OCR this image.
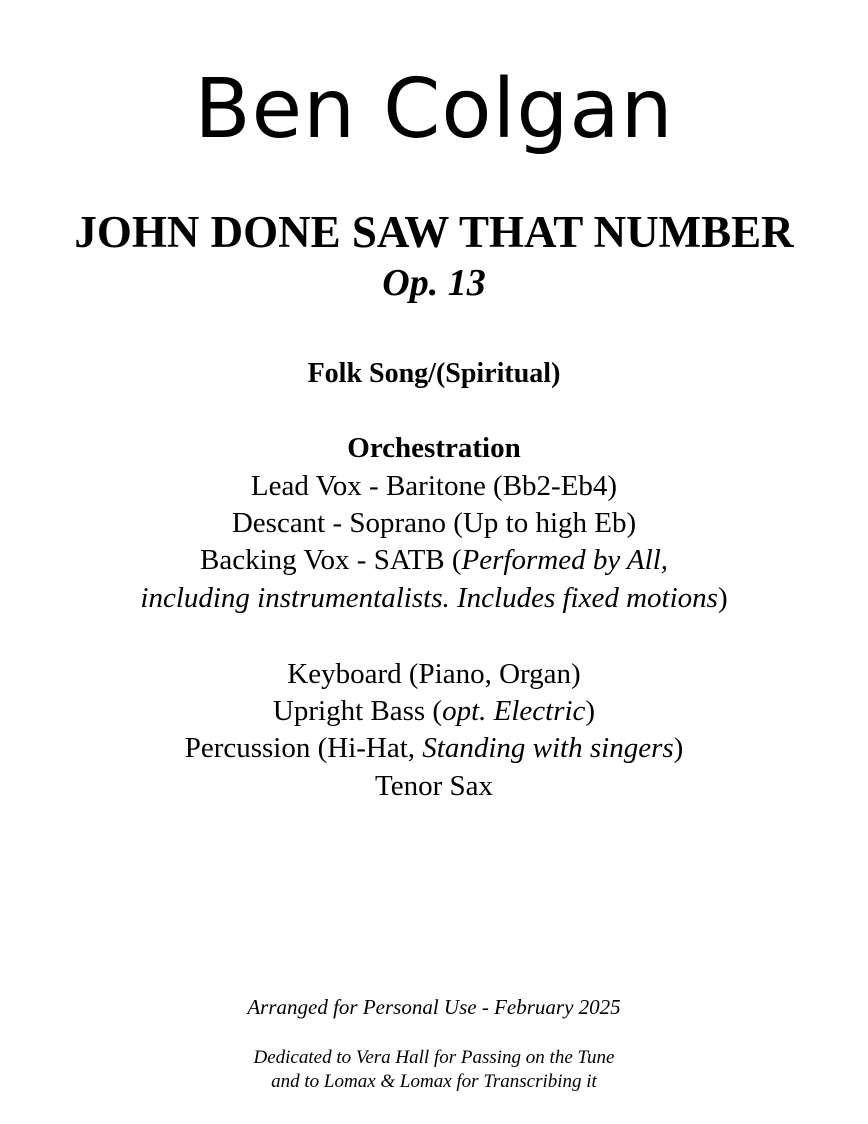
Ben Colgan
JOHN DONE SAW THAT NUMBER
Op. 13
Folk Song/(Spiritual)
Orchestration
Lead Vox - Baritone (Bb2-Eb4)
Descant - Soprano (Up to high Eb)
Backing Vox - SATB (Performed by All,
including instrumentalists. Includes fixed motions)
Keyboard (Piano, Organ)
Upright Bass (opt. Electric)
Percussion (Hi-Hat, Standing with singers)
Tenor Sax
Arranged for Personal Use - February 2025
Dedicated to Vera Hall for Passing on the Tune
and to Lomax & Lomax for Transcribing it
